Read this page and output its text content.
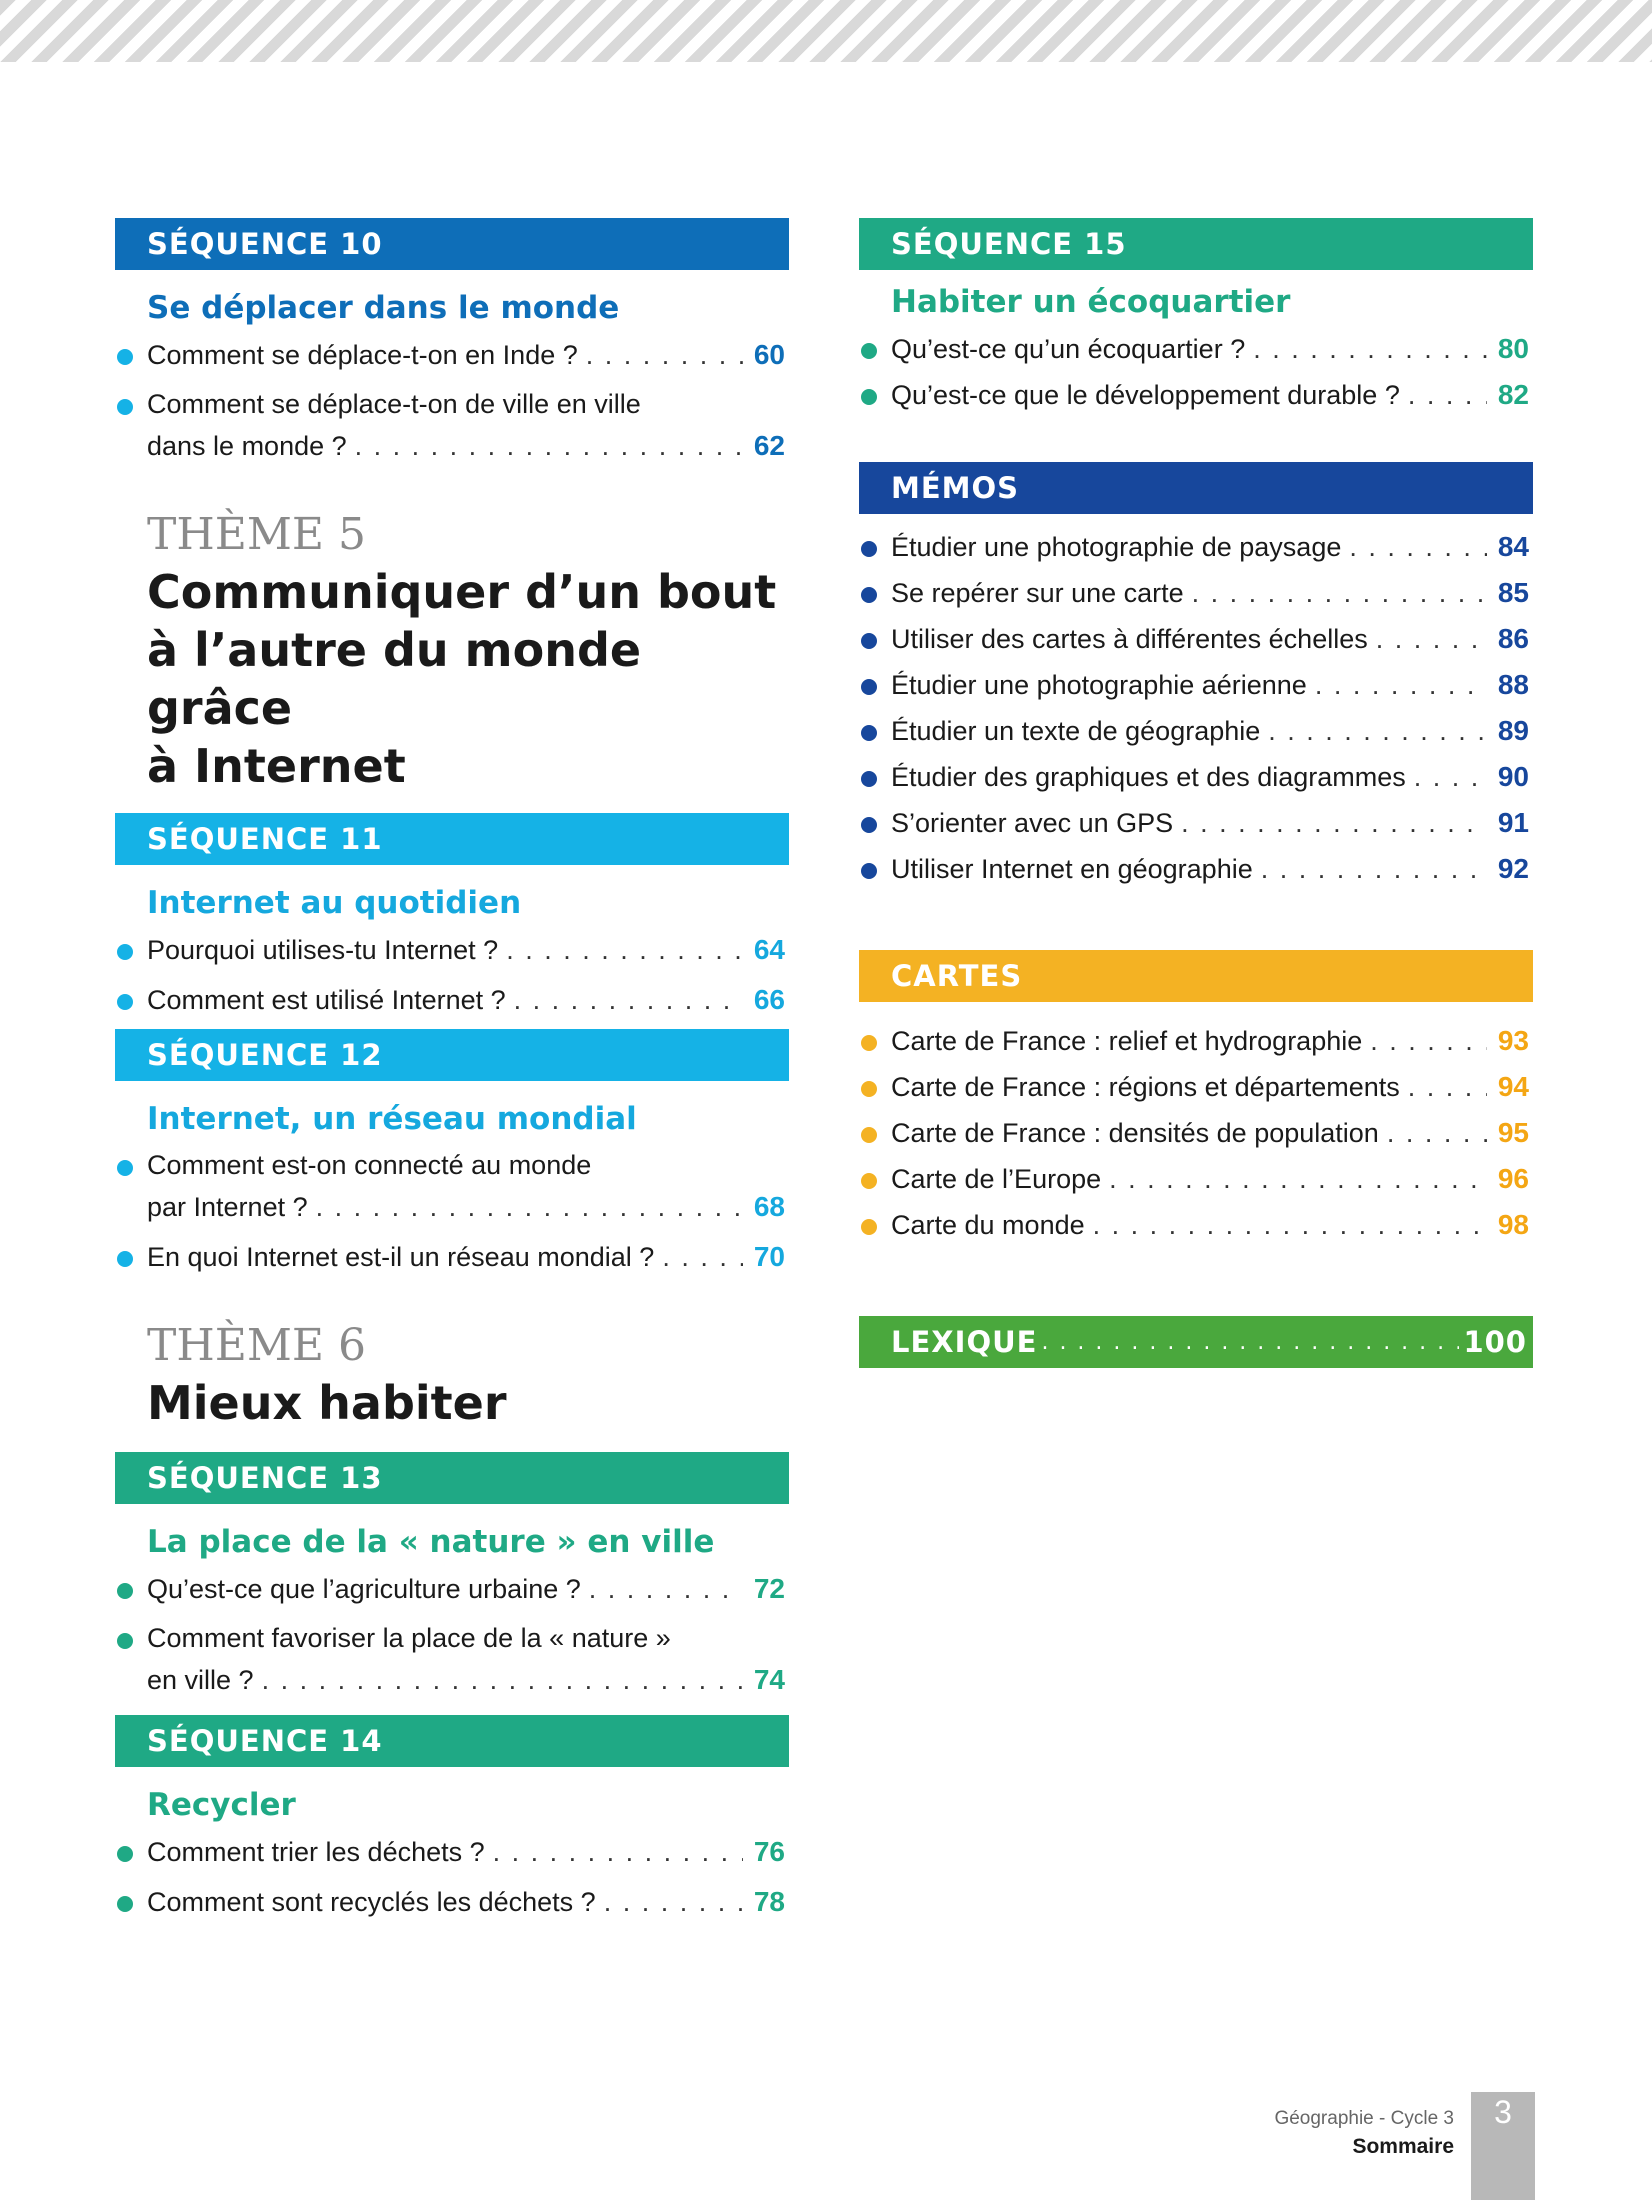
SÉQUENCE 10
Se déplacer dans le monde
Comment se déplace-t-on en Inde ? . . .	60
Comment se déplace-t-on de ville en ville
dans le monde ? . . .	62
THÈME 5
Communiquer d’un bout
à l’autre du monde grâce
à Internet
SÉQUENCE 11
Internet au quotidien
Pourquoi utilises-tu Internet ? . . .	64
Comment est utilisé Internet ? . . .	66
SÉQUENCE 12
Internet, un réseau mondial
Comment est-on connecté au monde
par Internet ? . . .	68
En quoi Internet est-il un réseau mondial ? . . .	70
THÈME 6
Mieux habiter
SÉQUENCE 13
La place de la « nature » en ville
Qu’est-ce que l’agriculture urbaine ? . . .	72
Comment favoriser la place de la « nature »
en ville ? . . .	74
SÉQUENCE 14
Recycler
Comment trier les déchets ? . . .	76
Comment sont recyclés les déchets ? . . .	78
SÉQUENCE 15
Habiter un écoquartier
Qu’est-ce qu’un écoquartier ? . . .	80
Qu’est-ce que le développement durable ? . . .	82
MÉMOS
Étudier une photographie de paysage . . .	84
Se repérer sur une carte . . .	85
Utiliser des cartes à différentes échelles . . .	86
Étudier une photographie aérienne . . .	88
Étudier un texte de géographie . . .	89
Étudier des graphiques et des diagrammes . . .	90
S’orienter avec un GPS . . .	91
Utiliser Internet en géographie . . .	92
CARTES
Carte de France : relief et hydrographie . . .	93
Carte de France : régions et départements . . .	94
Carte de France : densités de population . . .	95
Carte de l’Europe . . .	96
Carte du monde . . .	98
LEXIQUE . . .	100
Géographie - Cycle 3
Sommaire
3
